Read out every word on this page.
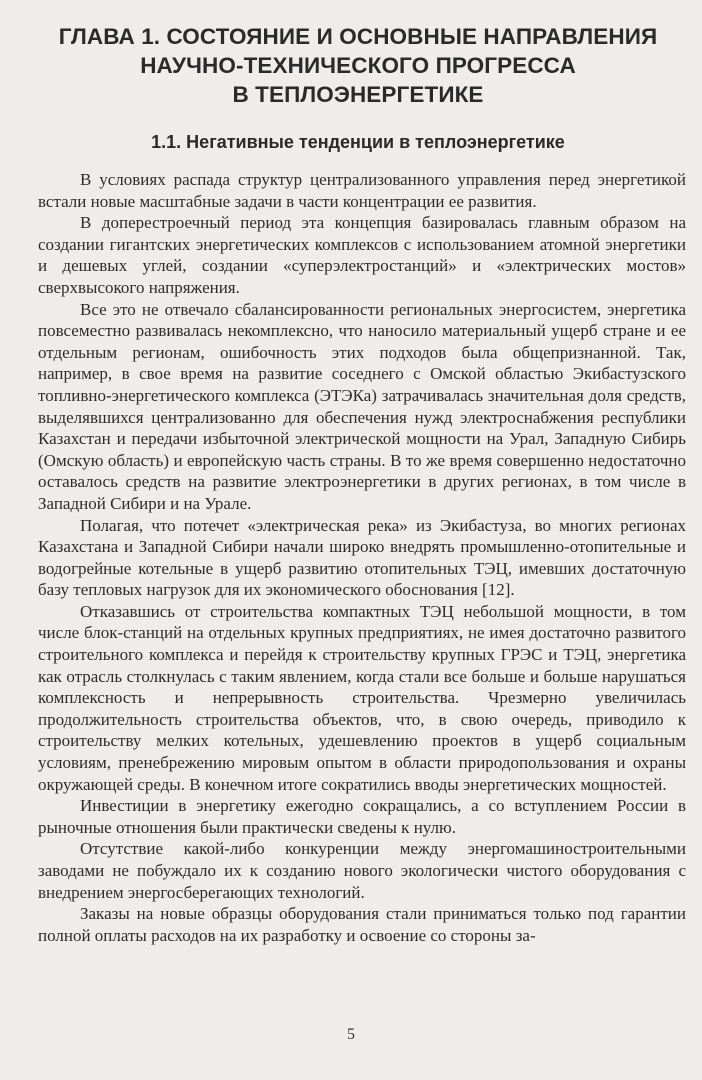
ГЛАВА 1. СОСТОЯНИЕ И ОСНОВНЫЕ НАПРАВЛЕНИЯ
НАУЧНО-ТЕХНИЧЕСКОГО ПРОГРЕССА
В ТЕПЛОЭНЕРГЕТИКЕ
1.1. Негативные тенденции в теплоэнергетике

В условиях распада структур централизованного управления перед энергетикой встали новые масштабные задачи в части концентрации ее развития.

В доперестроечный период эта концепция базировалась главным образом на создании гигантских энергетических комплексов с использованием атомной энергетики и дешевых углей, создании «суперэлектростанций» и «электрических мостов» сверхвысокого напряжения.

Все это не отвечало сбалансированности региональных энергосистем, энергетика повсеместно развивалась некомплексно, что наносило материальный ущерб стране и ее отдельным регионам, ошибочность этих подходов была общепризнанной. Так, например, в свое время на развитие соседнего с Омской областью Экибастузского топливно-энергетического комплекса (ЭТЭКа) затрачивалась значительная доля средств, выделявшихся централизованно для обеспечения нужд электроснабжения республики Казахстан и передачи избыточной электрической мощности на Урал, Западную Сибирь (Омскую область) и европейскую часть страны. В то же время совершенно недостаточно оставалось средств на развитие электроэнергетики в других регионах, в том числе в Западной Сибири и на Урале.

Полагая, что потечет «электрическая река» из Экибастуза, во многих регионах Казахстана и Западной Сибири начали широко внедрять промышленно-отопительные и водогрейные котельные в ущерб развитию отопительных ТЭЦ, имевших достаточную базу тепловых нагрузок для их экономического обоснования [12].

Отказавшись от строительства компактных ТЭЦ небольшой мощности, в том числе блок-станций на отдельных крупных предприятиях, не имея достаточно развитого строительного комплекса и перейдя к строительству крупных ГРЭС и ТЭЦ, энергетика как отрасль столкнулась с таким явлением, когда стали все больше и больше нарушаться комплексность и непрерывность строительства. Чрезмерно увеличилась продолжительность строительства объектов, что, в свою очередь, приводило к строительству мелких котельных, удешевлению проектов в ущерб социальным условиям, пренебрежению мировым опытом в области природопользования и охраны окружающей среды. В конечном итоге сократились вводы энергетических мощностей.

Инвестиции в энергетику ежегодно сокращались, а со вступлением России в рыночные отношения были практически сведены к нулю.

Отсутствие какой-либо конкуренции между энергомашиностроительными заводами не побуждало их к созданию нового экологически чистого оборудования с внедрением энергосберегающих технологий.

Заказы на новые образцы оборудования стали приниматься только под гарантии полной оплаты расходов на их разработку и освоение со стороны за-

5
